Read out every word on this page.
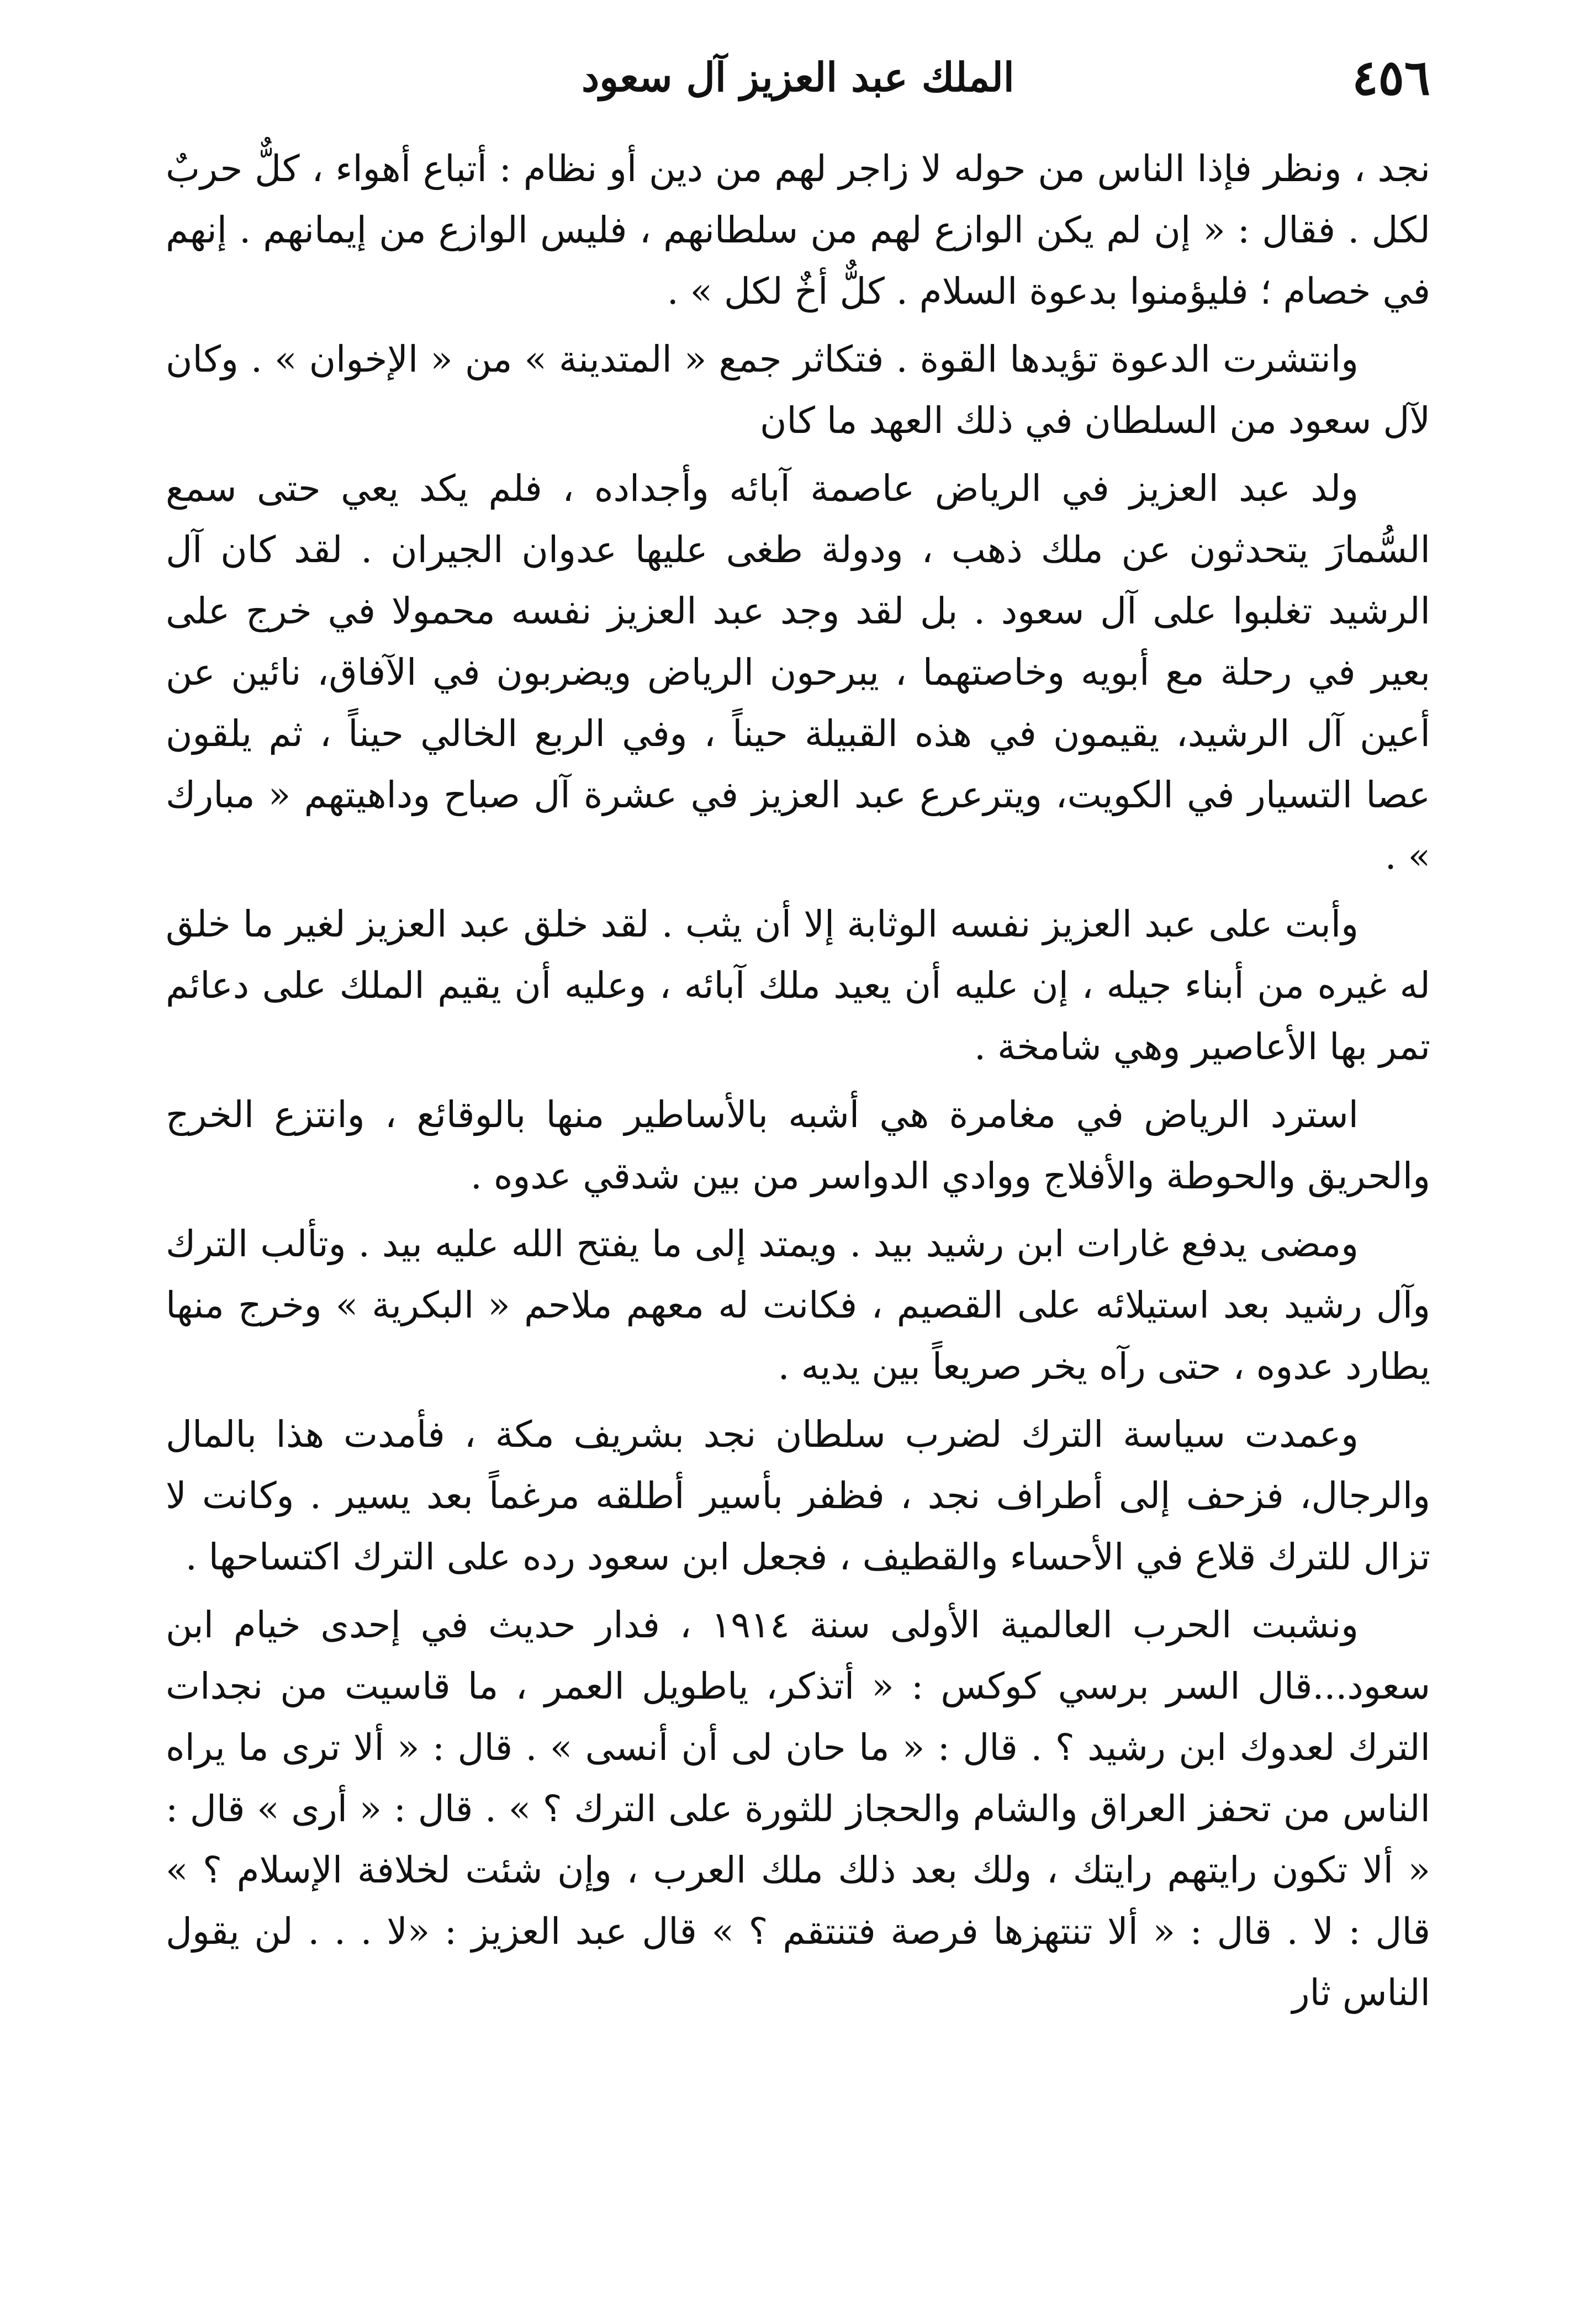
٤٥٦
الملك عبد العزيز آل سعود

نجد ، ونظر فإذا الناس من حوله لا زاجر لهم من دين أو نظام : أتباع أهواء ، كلٌّ حربٌ لكل . فقال : « إن لم يكن الوازع لهم من سلطانهم ، فليس الوازع من إيمانهم . إنهم في خصام ؛ فليؤمنوا بدعوة السلام . كلٌّ أخٌ لكل » .

وانتشرت الدعوة تؤيدها القوة . فتكاثر جمع « المتدينة » من « الإخوان » . وكان لآل سعود من السلطان في ذلك العهد ما كان

ولد عبد العزيز في الرياض عاصمة آبائه وأجداده ، فلم يكد يعي حتى سمع السُّمارَ يتحدثون عن ملك ذهب ، ودولة طغى عليها عدوان الجيران . لقد كان آل الرشيد تغلبوا على آل سعود . بل لقد وجد عبد العزيز نفسه محمولا في خرج على بعير في رحلة مع أبويه وخاصتهما ، يبرحون الرياض ويضربون في الآفاق، نائين عن أعين آل الرشيد، يقيمون في هذه القبيلة حيناً ، وفي الربع الخالي حيناً ، ثم يلقون عصا التسيار في الكويت، ويترعرع عبد العزيز في عشرة آل صباح وداهيتهم « مبارك » .

وأبت على عبد العزيز نفسه الوثابة إلا أن يثب . لقد خلق عبد العزيز لغير ما خلق له غيره من أبناء جيله ، إن عليه أن يعيد ملك آبائه ، وعليه أن يقيم الملك على دعائم تمر بها الأعاصير وهي شامخة .

استرد الرياض في مغامرة هي أشبه بالأساطير منها بالوقائع ، وانتزع الخرج والحريق والحوطة والأفلاج ووادي الدواسر من بين شدقي عدوه .

ومضى يدفع غارات ابن رشيد بيد . ويمتد إلى ما يفتح الله عليه بيد . وتألب الترك وآل رشيد بعد استيلائه على القصيم ، فكانت له معهم ملاحم « البكرية » وخرج منها يطارد عدوه ، حتى رآه يخر صريعاً بين يديه .

وعمدت سياسة الترك لضرب سلطان نجد بشريف مكة ، فأمدت هذا بالمال والرجال، فزحف إلى أطراف نجد ، فظفر بأسير أطلقه مرغماً بعد يسير . وكانت لا تزال للترك قلاع في الأحساء والقطيف ، فجعل ابن سعود رده على الترك اكتساحها .

ونشبت الحرب العالمية الأولى سنة ١٩١٤ ، فدار حديث في إحدى خيام ابن سعود...قال السر برسي كوكس : « أتذكر، ياطويل العمر ، ما قاسيت من نجدات الترك لعدوك ابن رشيد ؟ . قال : « ما حان لى أن أنسى » . قال : « ألا ترى ما يراه الناس من تحفز العراق والشام والحجاز للثورة على الترك ؟ » . قال : « أرى » قال : « ألا تكون رايتهم رايتك ، ولك بعد ذلك ملك العرب ، وإن شئت لخلافة الإسلام ؟ » قال : لا . قال : « ألا تنتهزها فرصة فتنتقم ؟ » قال عبد العزيز : «لا . . . لن يقول الناس ثار
